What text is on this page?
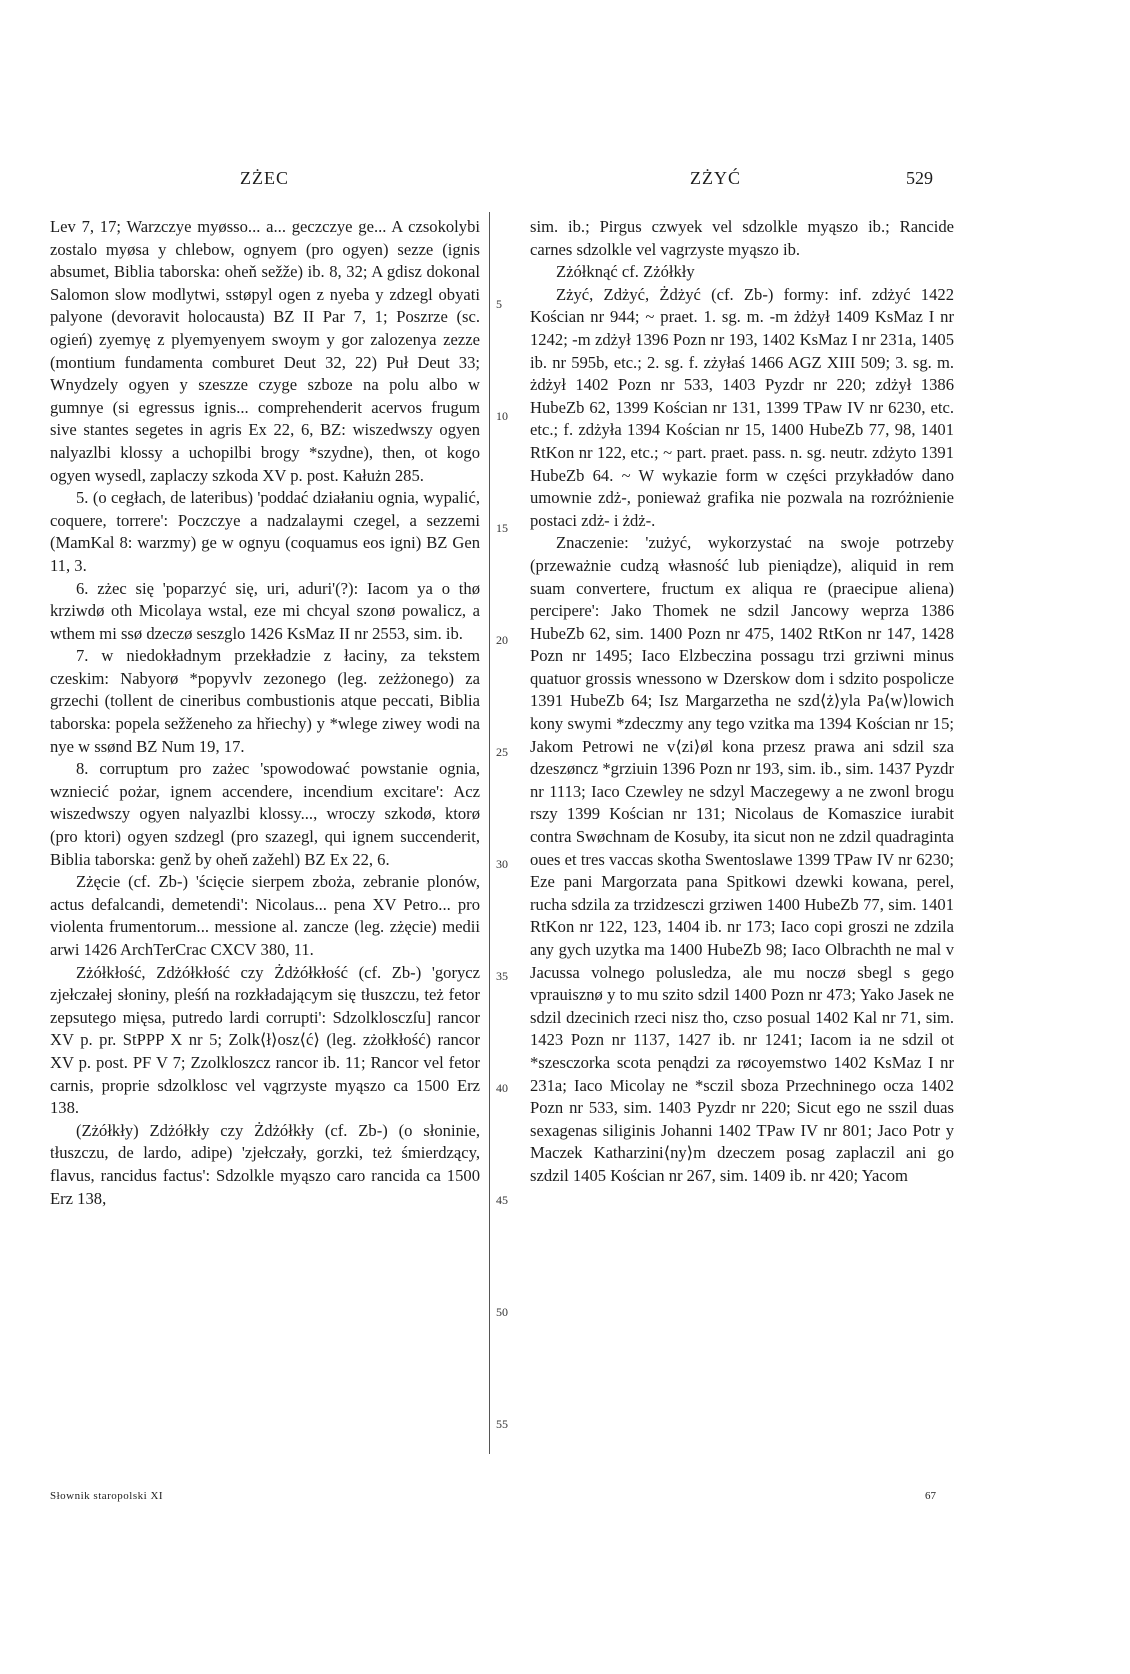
ZŻEC	ZŻYĆ	529

Lev 7, 17; Warzczye myøsso... a... geczczye ge... A czsokolybi zostalo myøsa y chlebow, ognyem (pro ogyen) sezze (ignis absumet, Biblia taborska: oheň sežže) ib. 8, 32; A gdisz dokonal Salomon slow modlytwi, sstøpyl ogen z nyeba y zdzegl obyati palyone (devoravit holocausta) BZ II Par 7, 1; Poszrze (sc. ogień) zyemyę z plyemyenyem swoym y gor zalozenya zezze (montium fundamenta comburet Deut 32, 22) Puł Deut 33; Wnydzely ogyen y szeszze czyge szboze na polu albo w gumnye (si egressus ignis... comprehenderit acervos frugum sive stantes segetes in agris Ex 22, 6, BZ: wiszedwszy ogyen nalyazlbi klossy a uchopilbi brogy *szydne), then, ot kogo ogyen wysedl, zaplaczy szkoda XV p. post. Kałużn 285.

5. (o cegłach, de lateribus) 'poddać działaniu ognia, wypalić, coquere, torrere': Poczczye a nadzalaymi czegel, a sezzemi (MamKal 8: warzmy) ge w ognyu (coquamus eos igni) BZ Gen 11, 3.

6. zżec się 'poparzyć się, uri, aduri'(?): Iacom ya o thø krziwdø oth Micolaya wstal, eze mi chcyal szonø powalicz, a wthem mi ssø dzeczø seszglo 1426 KsMaz II nr 2553, sim. ib.

7. w niedokładnym przekładzie z łaciny, za tekstem czeskim: Nabyorø *popyvlv zezonego (leg. zeżżonego) za grzechi (tollent de cineribus combustionis atque peccati, Biblia taborska: popela sežženeho za hřiechy) y *wlege ziwey wodi na nye w ssønd BZ Num 19, 17.

8. corruptum pro zażec 'spowodować powstanie ognia, wzniecić pożar, ignem accendere, incendium excitare': Acz wiszedwszy ogyen nalyazlbi klossy..., wroczy szkodø, ktorø (pro ktori) ogyen szdzegl (pro szazegl, qui ignem succenderit, Biblia taborska: genž by oheň zažehl) BZ Ex 22, 6.

Zżęcie (cf. Zb-) 'ścięcie sierpem zboża, zebranie plonów, actus defalcandi, demetendi': Nicolaus... pena XV Petro... pro violenta frumentorum... messione al. zancze (leg. zżęcie) medii arwi 1426 ArchTerCrac CXCV 380, 11.

Zżółkłość, Zdżółkłość czy Żdżółkłość (cf. Zb-) 'gorycz zjełczałej słoniny, pleśń na rozkładającym się tłuszczu, też fetor zepsutego mięsa, putredo lardi corrupti': Sdzolklosczſu] rancor XV p. pr. StPPP X nr 5; Zolk⟨ł⟩osz⟨ć⟩ (leg. zżołkłość) rancor XV p. post. PF V 7; Zzolkloszcz rancor ib. 11; Rancor vel fetor carnis, proprie sdzolklosc vel vągrzyste myąszo ca 1500 Erz 138.

(Zżółkły) Zdżółkły czy Żdżółkły (cf. Zb-) (o słoninie, tłuszczu, de lardo, adipe) 'zjełczały, gorzki, też śmierdzący, flavus, rancidus factus': Sdzolkle myąszo caro rancida ca 1500 Erz 138,

5
10
15
20
25
30
35
40
45
50
55

sim. ib.; Pirgus czwyek vel sdzolkle myąszo ib.; Rancide carnes sdzolkle vel vagrzyste myąszo ib.

Zżółknąć cf. Zżółkły

Zżyć, Zdżyć, Żdżyć (cf. Zb-) formy: inf. zdżyć 1422 Kościan nr 944; ~ praet. 1. sg. m. -m żdżył 1409 KsMaz I nr 1242; -m zdżył 1396 Pozn nr 193, 1402 KsMaz I nr 231a, 1405 ib. nr 595b, etc.; 2. sg. f. zżyłaś 1466 AGZ XIII 509; 3. sg. m. żdżył 1402 Pozn nr 533, 1403 Pyzdr nr 220; zdżył 1386 HubeZb 62, 1399 Kościan nr 131, 1399 TPaw IV nr 6230, etc. etc.; f. zdżyła 1394 Kościan nr 15, 1400 HubeZb 77, 98, 1401 RtKon nr 122, etc.; ~ part. praet. pass. n. sg. neutr. zdżyto 1391 HubeZb 64. ~ W wykazie form w części przykładów dano umownie zdż-, ponieważ grafika nie pozwala na rozróżnienie postaci zdż- i żdż-.

Znaczenie: 'zużyć, wykorzystać na swoje potrzeby (przeważnie cudzą własność lub pieniądze), aliquid in rem suam convertere, fructum ex aliqua re (praecipue aliena) percipere': Jako Thomek ne sdzil Jancowy weprza 1386 HubeZb 62, sim. 1400 Pozn nr 475, 1402 RtKon nr 147, 1428 Pozn nr 1495; Iaco Elzbeczina possagu trzi grziwni minus quatuor grossis wnessono w Dzerskow dom i sdzito pospolicze 1391 HubeZb 64; Isz Margarzetha ne szd⟨ż⟩yla Pa⟨w⟩lowich kony swymi *zdeczmy any tego vzitka ma 1394 Kościan nr 15; Jakom Petrowi ne v⟨zi⟩øl kona przesz prawa ani sdzil sza dzeszøncz *grziuin 1396 Pozn nr 193, sim. ib., sim. 1437 Pyzdr nr 1113; Iaco Czewley ne sdzyl Maczegewy a ne zwonl brogu rszy 1399 Kościan nr 131; Nicolaus de Komaszice iurabit contra Swøchnam de Kosuby, ita sicut non ne zdzil quadraginta oues et tres vaccas skotha Swentoslawe 1399 TPaw IV nr 6230; Eze pani Margorzata pana Spitkowi dzewki kowana, perel, rucha sdzila za trzidzesczi grziwen 1400 HubeZb 77, sim. 1401 RtKon nr 122, 123, 1404 ib. nr 173; Iaco copi groszi ne zdzila any gych uzytka ma 1400 HubeZb 98; Iaco Olbrachth ne mal v Jacussa volnego polusledza, ale mu noczø sbegl s gego vprauisznø y to mu szito sdzil 1400 Pozn nr 473; Yako Jasek ne sdzil dzecinich rzeci nisz tho, czso posual 1402 Kal nr 71, sim. 1423 Pozn nr 1137, 1427 ib. nr 1241; Iacom ia ne sdzil ot *szesczorka scota penądzi za røcoyemstwo 1402 KsMaz I nr 231a; Iaco Micolay ne *sczil sboza Przechninego ocza 1402 Pozn nr 533, sim. 1403 Pyzdr nr 220; Sicut ego ne sszil duas sexagenas siliginis Johanni 1402 TPaw IV nr 801; Jaco Potr y Maczek Katharzini⟨ny⟩m dzeczem posag zaplaczil ani go szdzil 1405 Kościan nr 267, sim. 1409 ib. nr 420; Yacom

Słownik staropolski XI	67
